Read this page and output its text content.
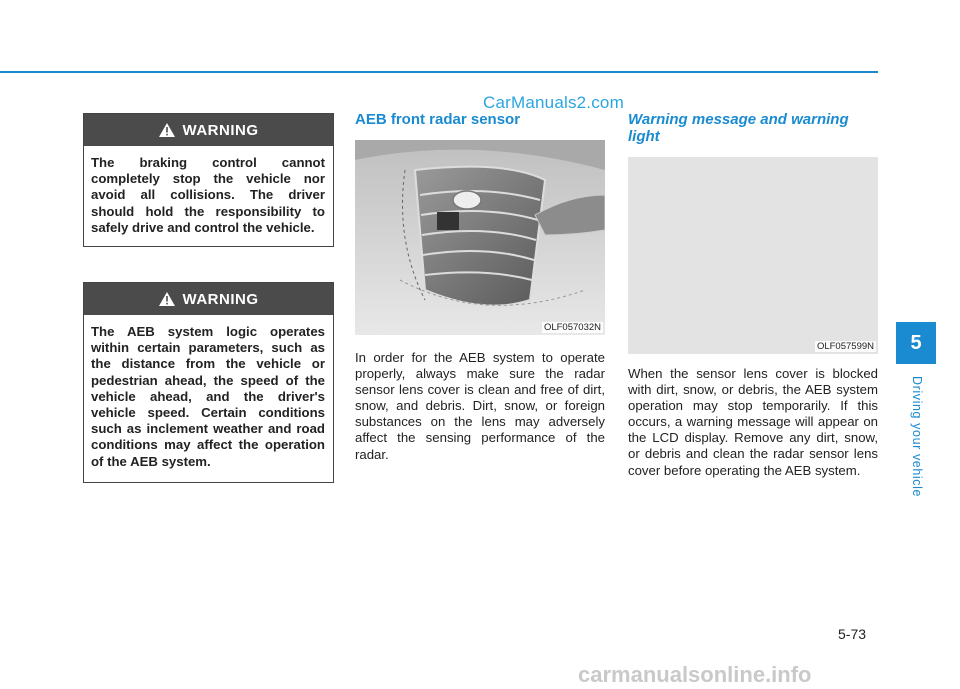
CarManuals2.com
WARNING
The braking control cannot completely stop the vehicle nor avoid all collisions. The driver should hold the responsibility to safely drive and control the vehicle.
WARNING
The AEB system logic operates within certain parameters, such as the distance from the vehicle or pedestrian ahead, the speed of the vehicle ahead, and the driver's vehicle speed. Certain conditions such as inclement weather and road conditions may affect the operation of the AEB system.
AEB front radar sensor
OLF057032N
In order for the AEB system to operate properly, always make sure the radar sensor lens cover is clean and free of dirt, snow, and debris. Dirt, snow, or foreign substances on the lens may adversely affect the sensing performance of the radar.
Warning message and warning light
OLF057599N
When the sensor lens cover is blocked with dirt, snow, or debris, the AEB system operation may stop temporarily. If this occurs, a warning message will appear on the LCD display. Remove any dirt, snow, or debris and clean the radar sensor lens cover before operating the AEB system.
5
Driving your vehicle
5-73
carmanualsonline.info
